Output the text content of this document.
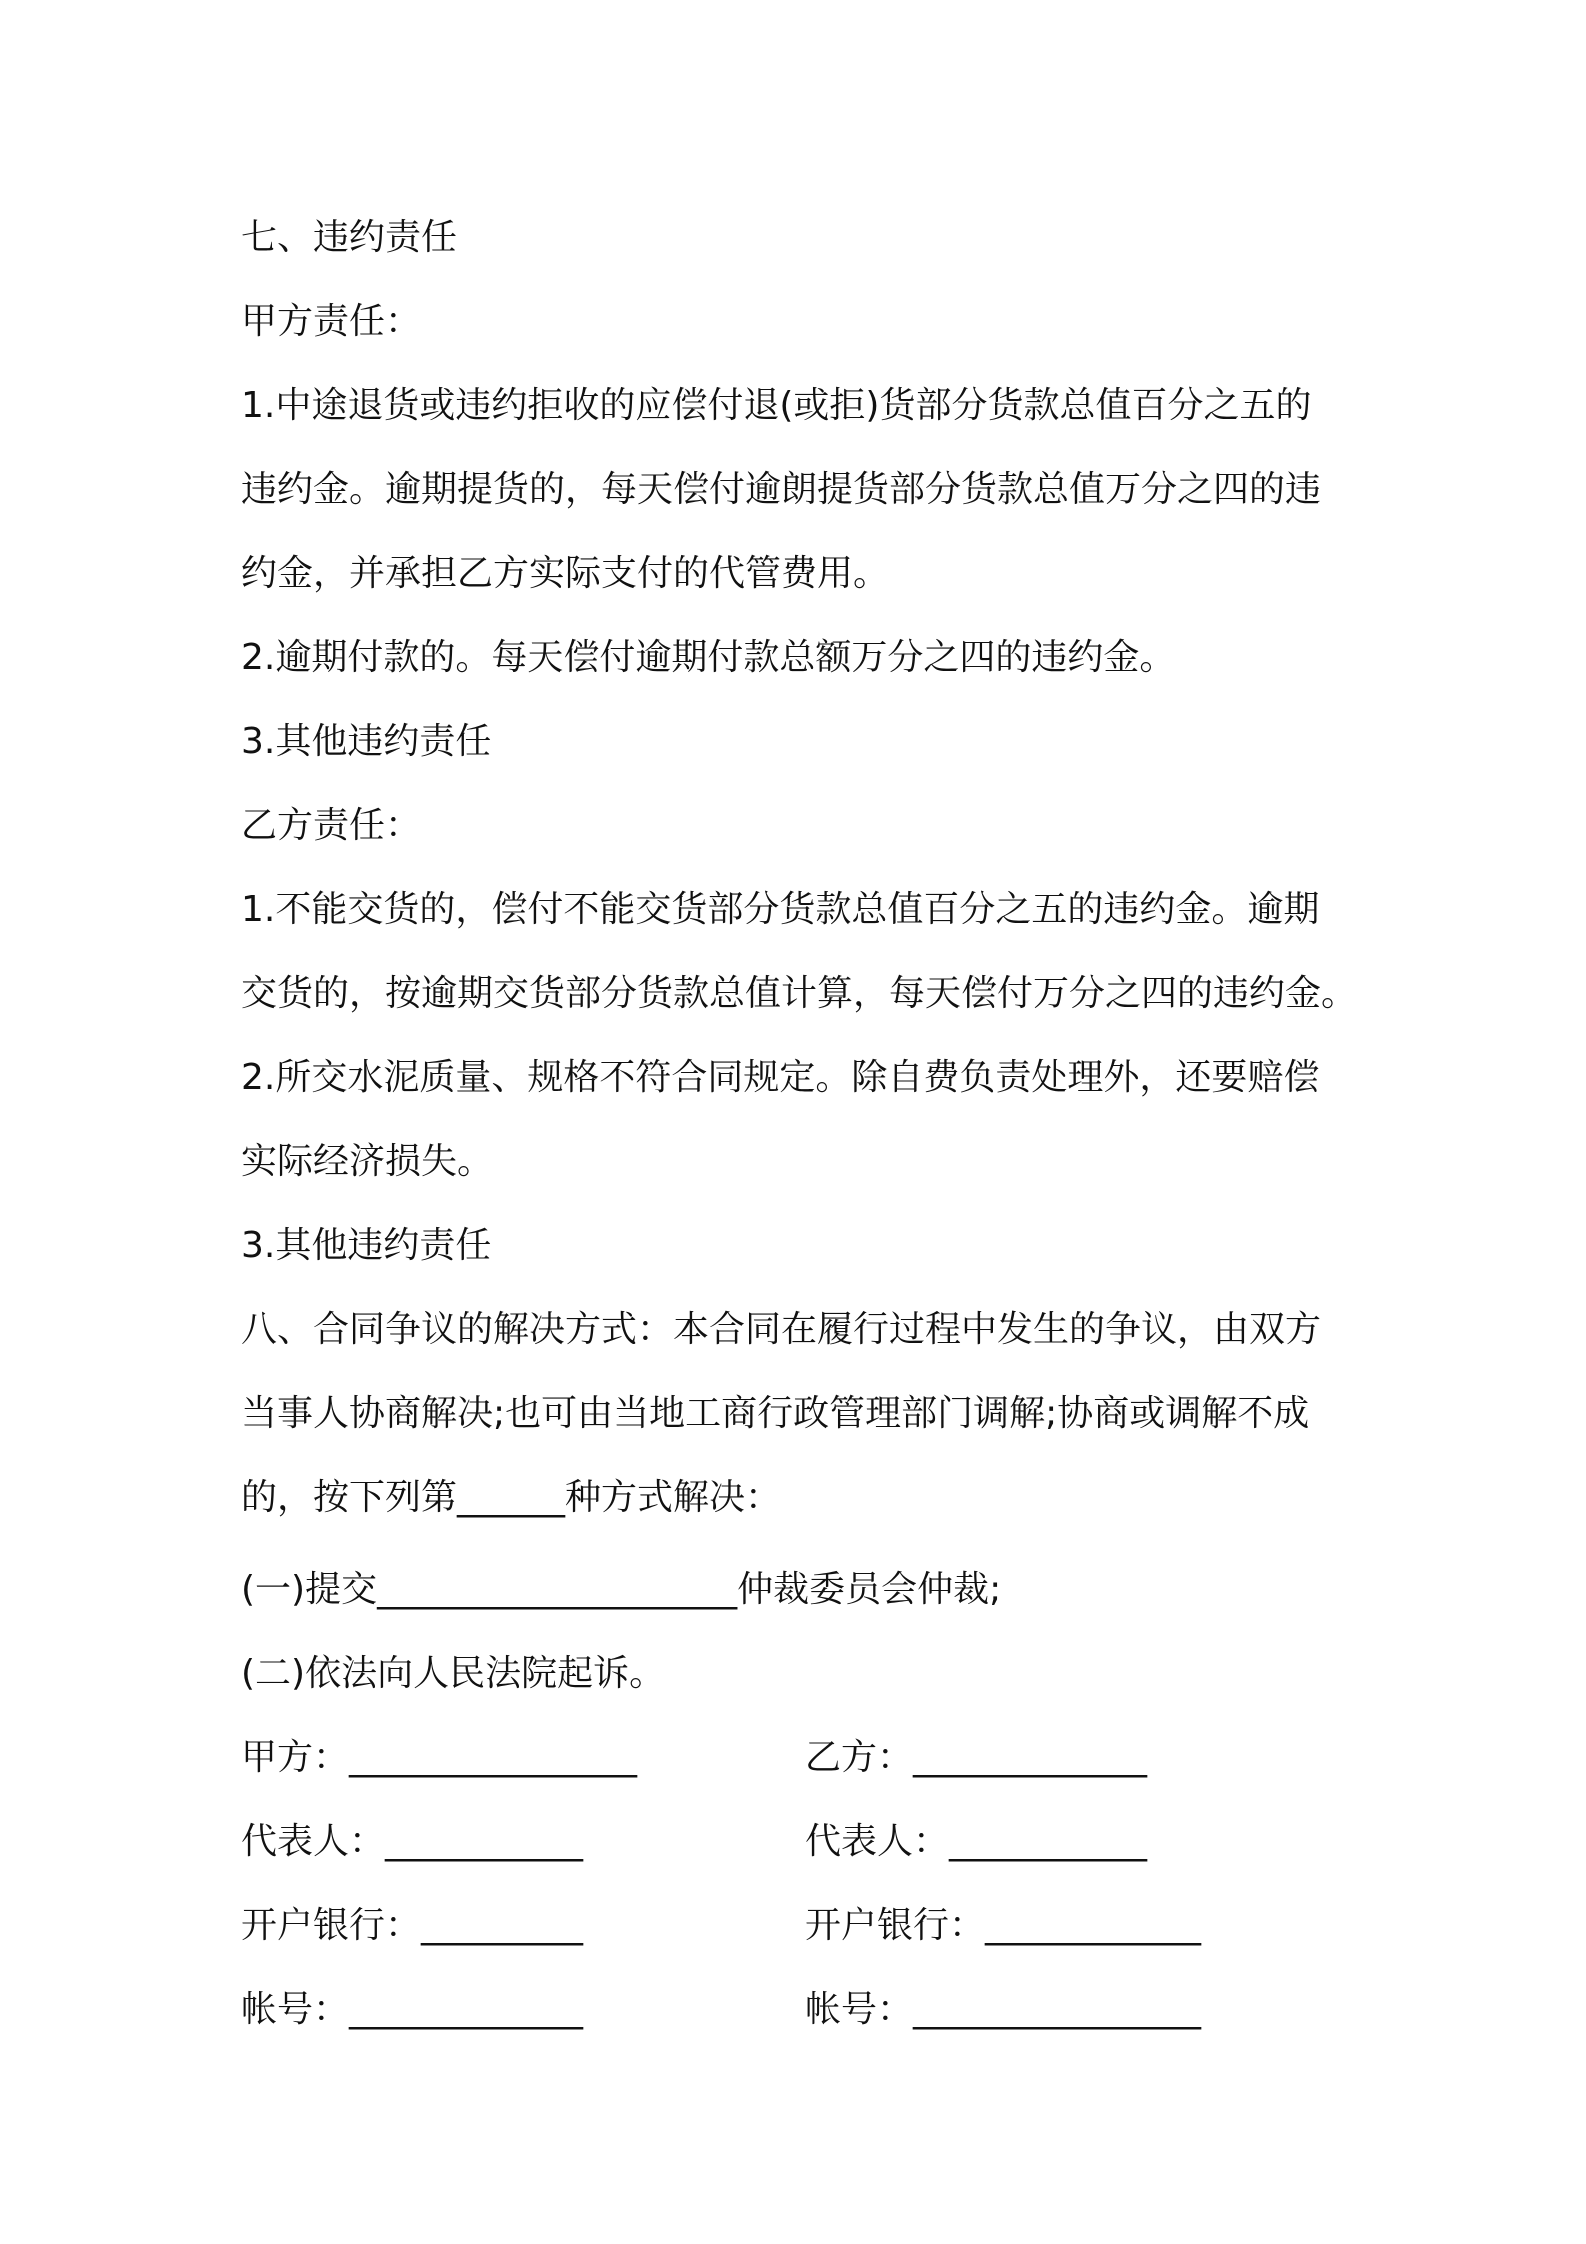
七、违约责任
甲方责任：
1.中途退货或违约拒收的应偿付退(或拒)货部分货款总值百分之五的
违约金。逾期提货的，每天偿付逾朗提货部分货款总值万分之四的违
约金，并承担乙方实际支付的代管费用。
2.逾期付款的。每天偿付逾期付款总额万分之四的违约金。
3.其他违约责任
乙方责任：
1.不能交货的，偿付不能交货部分货款总值百分之五的违约金。逾期
交货的，按逾期交货部分货款总值计算，每天偿付万分之四的违约金。
2.所交水泥质量、规格不符合同规定。除自费负责处理外，还要赔偿
实际经济损失。
3.其他违约责任
八、合同争议的解决方式：本合同在履行过程中发生的争议，由双方
当事人协商解决;也可由当地工商行政管理部门调解;协商或调解不成
的，按下列第______种方式解决：
(一)提交____________________仲裁委员会仲裁;
(二)依法向人民法院起诉。
甲方：________________	乙方：_____________
代表人：___________	代表人：___________
开户银行：_________	开户银行：____________
帐号：_____________	帐号：________________
